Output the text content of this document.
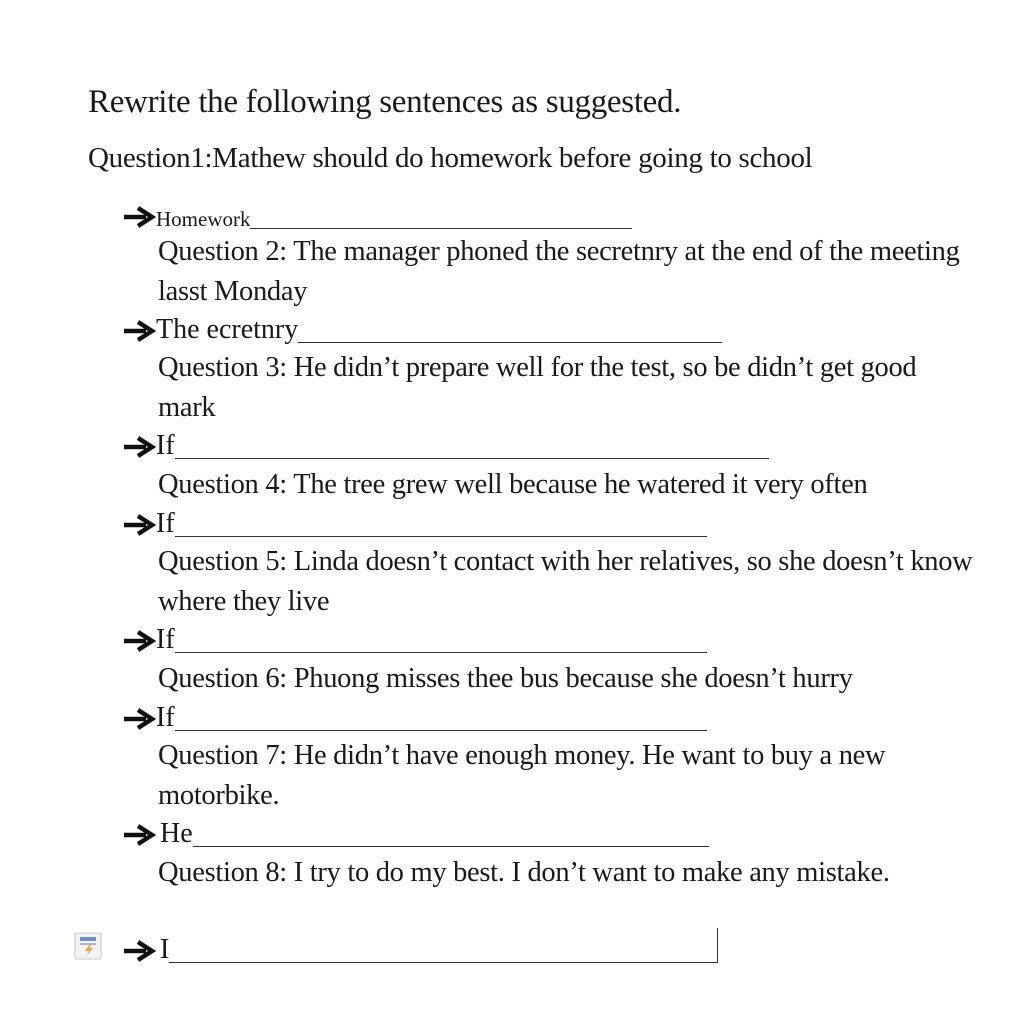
Rewrite the following sentences as suggested.
Question1:Mathew should do homework before going to school
Homework
Question 2: The manager phoned the secretnry at the end of the meeting lasst Monday
The ecretnry
Question 3: He didn’t prepare well for the test, so be didn’t get good mark
If
Question 4: The tree grew well because he watered it very often
If
Question 5: Linda doesn’t contact with her relatives, so she doesn’t know where they live
If
Question 6: Phuong misses thee bus because she doesn’t hurry
If
Question 7: He didn’t have enough money. He want to buy a new motorbike.
He
Question 8: I try to do my best. I don’t want to make any mistake.
I
